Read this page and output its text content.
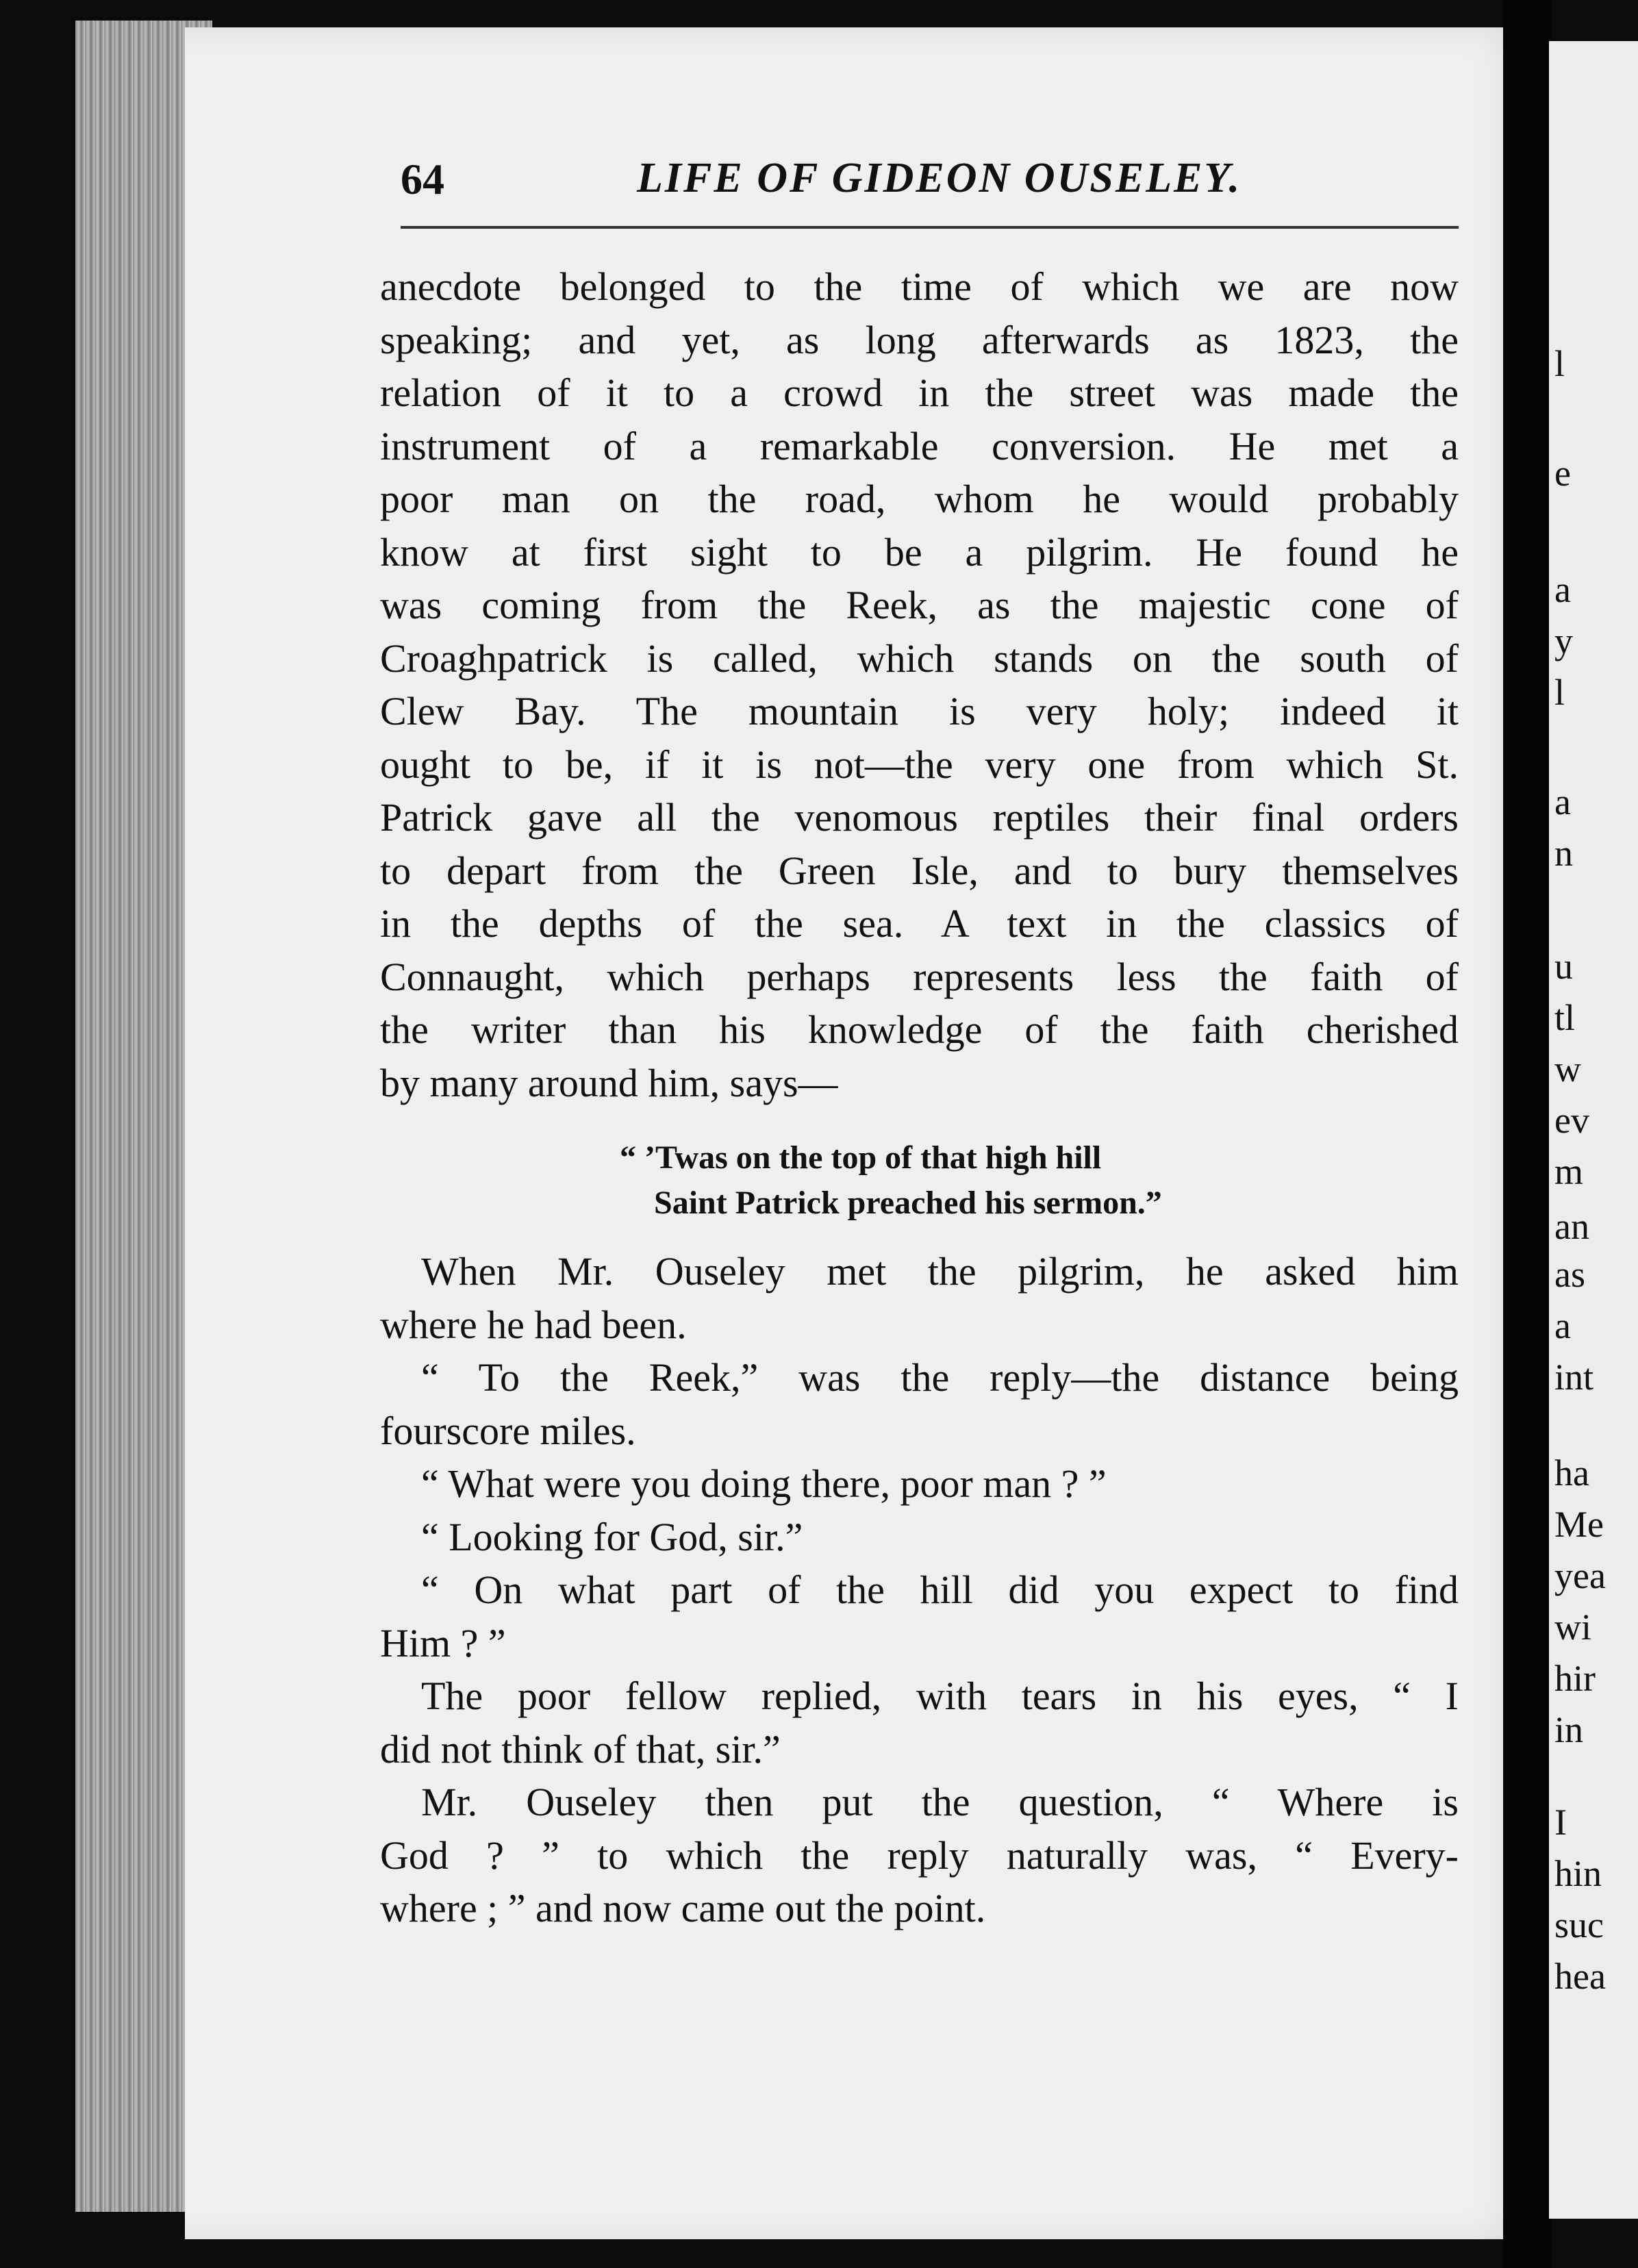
64	LIFE OF GIDEON OUSELEY.

anecdote belonged to the time of which we are now
speaking; and yet, as long afterwards as 1823, the
relation of it to a crowd in the street was made the
instrument of a remarkable conversion. He met a
poor man on the road, whom he would probably
know at first sight to be a pilgrim. He found he
was coming from the Reek, as the majestic cone of
Croaghpatrick is called, which stands on the south of
Clew Bay. The mountain is very holy; indeed it
ought to be, if it is not—the very one from which St.
Patrick gave all the venomous reptiles their final orders
to depart from the Green Isle, and to bury themselves
in the depths of the sea. A text in the classics of
Connaught, which perhaps represents less the faith of
the writer than his knowledge of the faith cherished
by many around him, says—

“ ’Twas on the top of that high hill
Saint Patrick preached his sermon.”

When Mr. Ouseley met the pilgrim, he asked him
where he had been.

“ To the Reek,” was the reply—the distance being
fourscore miles.

“ What were you doing there, poor man ? ”

“ Looking for God, sir.”

“ On what part of the hill did you expect to find
Him ? ”

The poor fellow replied, with tears in his eyes, “ I
did not think of that, sir.”

Mr. Ouseley then put the question, “ Where is
God ? ” to which the reply naturally was, “ Every-
where ; ” and now came out the point.

l
e
a
y
l
a
n
u
tl
w
ev
m
an
as
a
int
ha
Me
yea
wi
hir
in
I
hin
suc
hea
